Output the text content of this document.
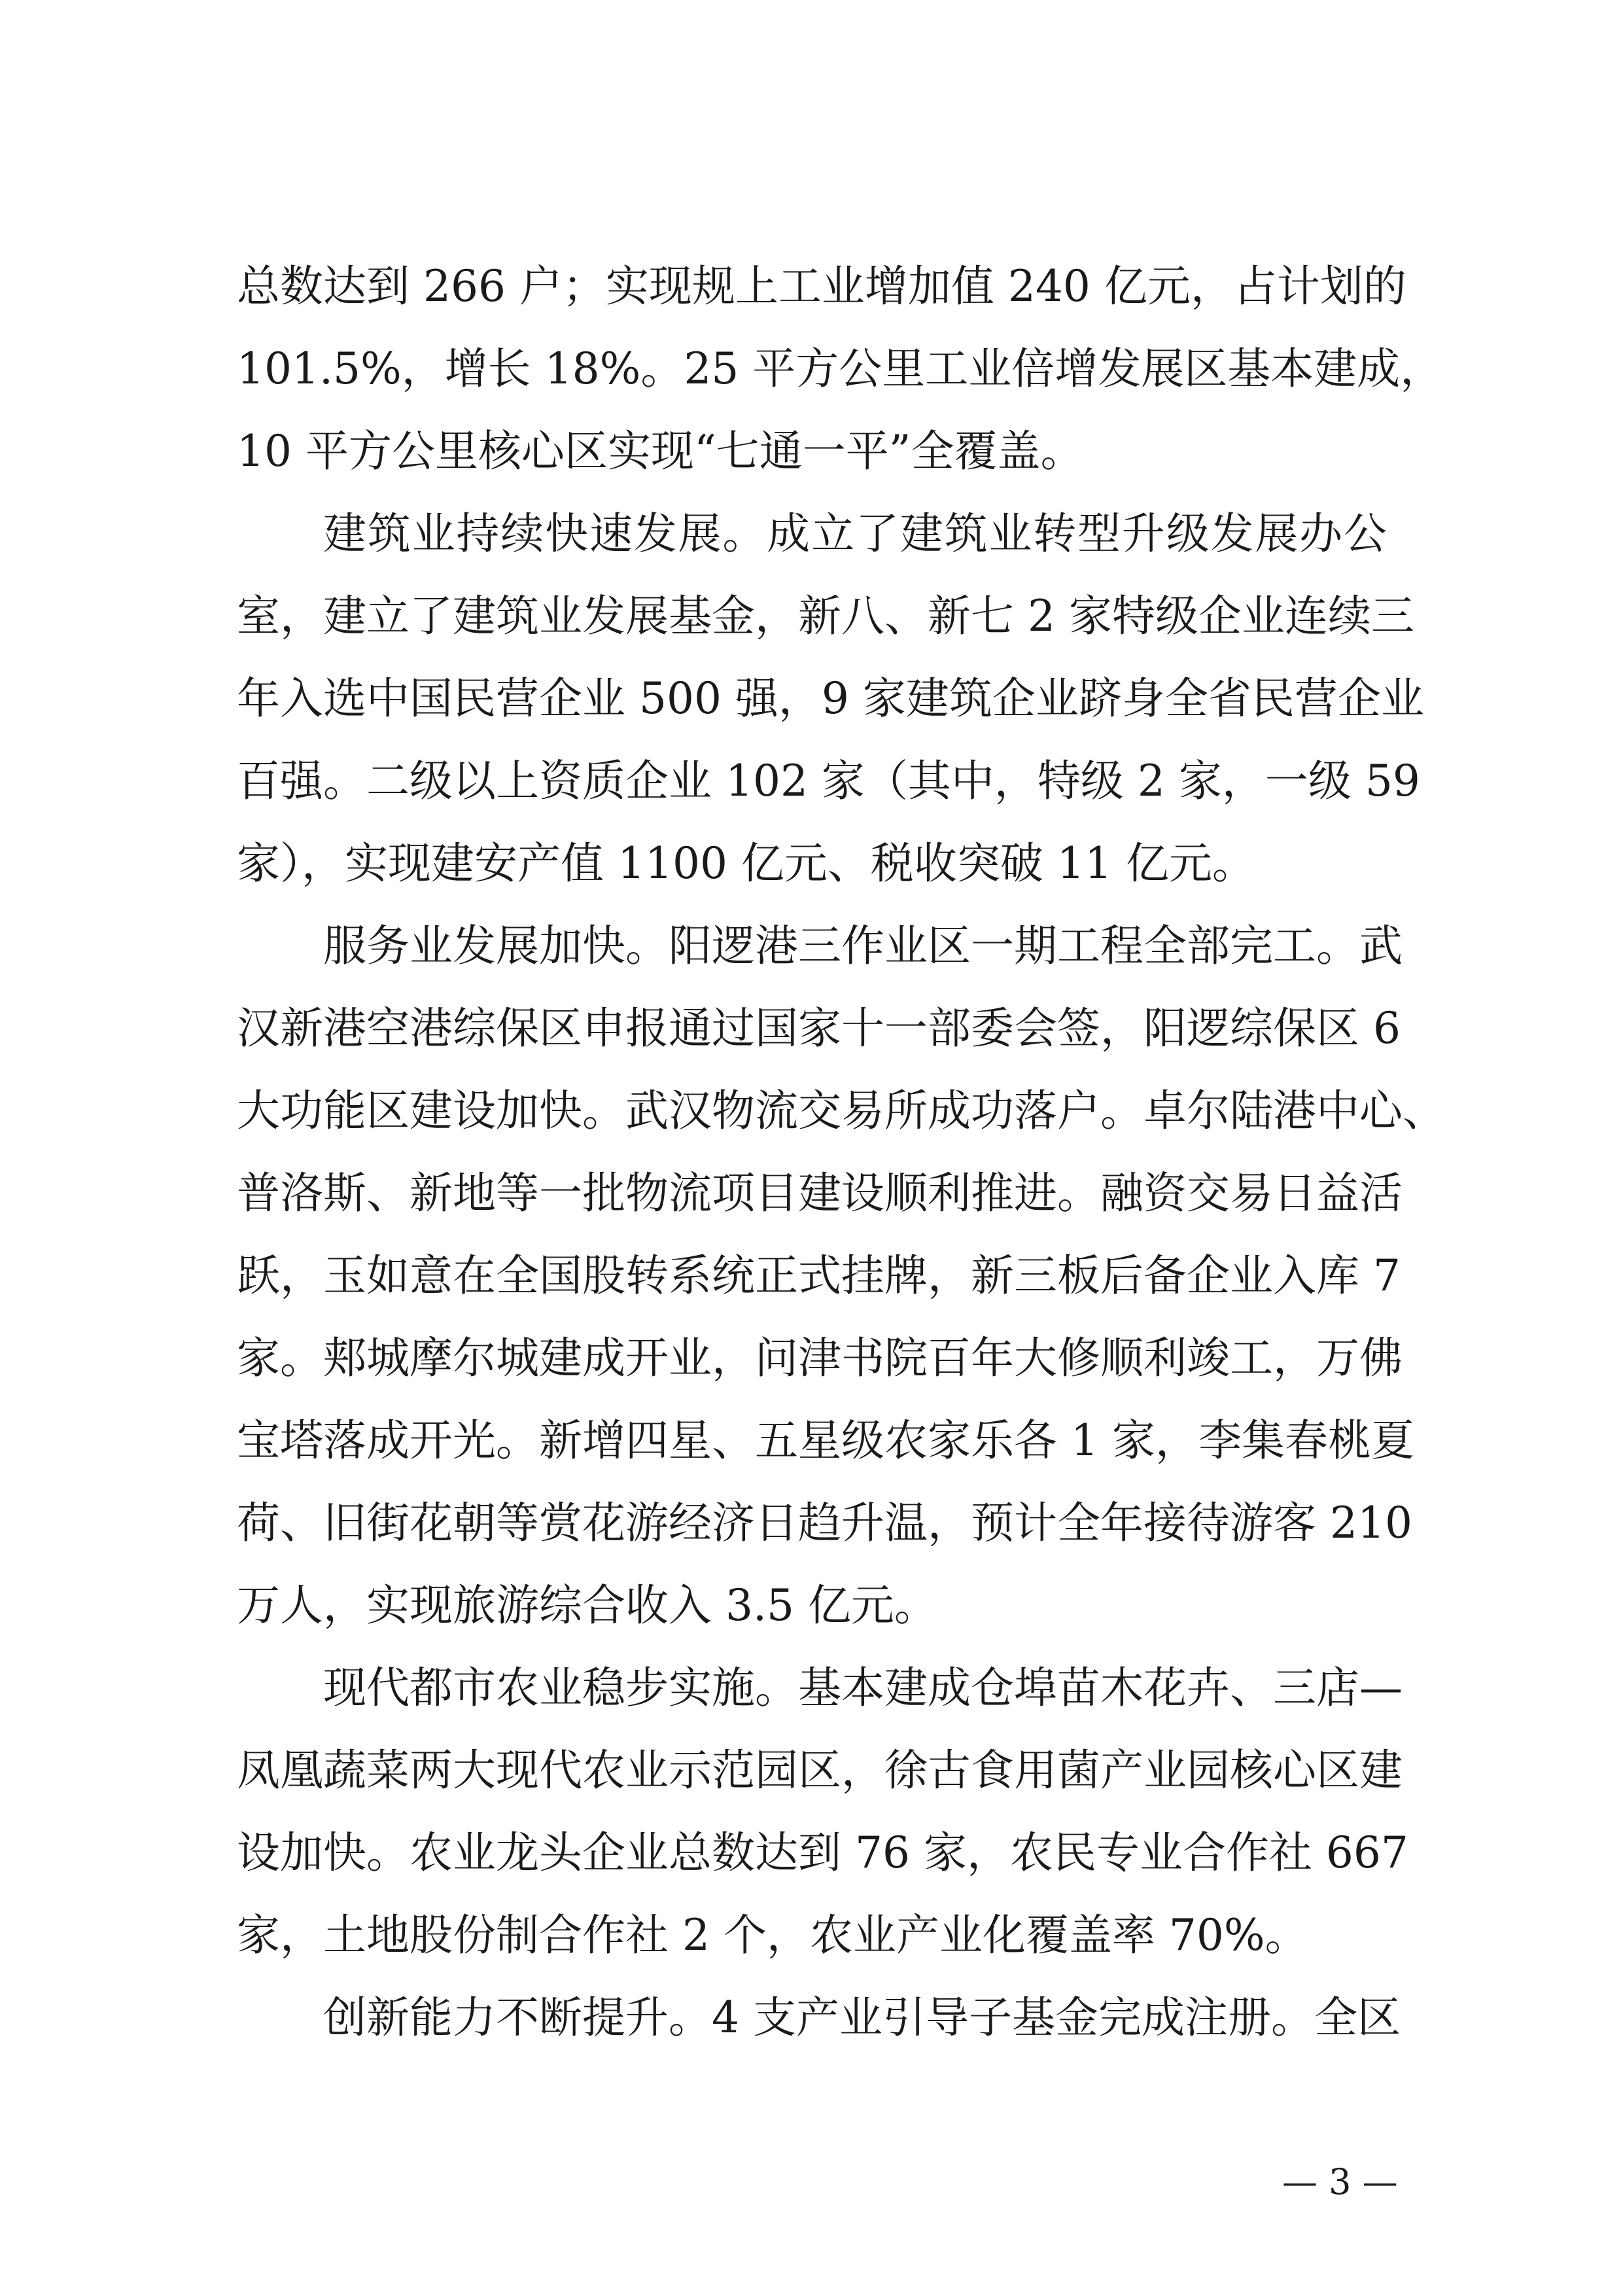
总数达到 266 户；实现规上工业增加值 240 亿元，占计划的
101.5%，增长 18%。25 平方公里工业倍增发展区基本建成，
10 平方公里核心区实现“七通一平”全覆盖。
建筑业持续快速发展。成立了建筑业转型升级发展办公
室，建立了建筑业发展基金，新八、新七 2 家特级企业连续三
年入选中国民营企业 500 强，9 家建筑企业跻身全省民营企业
百强。二级以上资质企业 102 家（其中，特级 2 家，一级 59
家），实现建安产值 1100 亿元、税收突破 11 亿元。
服务业发展加快。阳逻港三作业区一期工程全部完工。武
汉新港空港综保区申报通过国家十一部委会签，阳逻综保区 6
大功能区建设加快。武汉物流交易所成功落户。卓尔陆港中心、
普洛斯、新地等一批物流项目建设顺利推进。融资交易日益活
跃，玉如意在全国股转系统正式挂牌，新三板后备企业入库 7
家。郏城摩尔城建成开业，问津书院百年大修顺利竣工，万佛
宝塔落成开光。新增四星、五星级农家乐各 1 家，李集春桃夏
荷、旧街花朝等赏花游经济日趋升温，预计全年接待游客 210
万人，实现旅游综合收入 3.5 亿元。
现代都市农业稳步实施。基本建成仓埠苗木花卉、三店—
凤凰蔬菜两大现代农业示范园区，徐古食用菌产业园核心区建
设加快。农业龙头企业总数达到 76 家，农民专业合作社 667
家，土地股份制合作社 2 个，农业产业化覆盖率 70%。
创新能力不断提升。4 支产业引导子基金完成注册。全区
— 3 —
